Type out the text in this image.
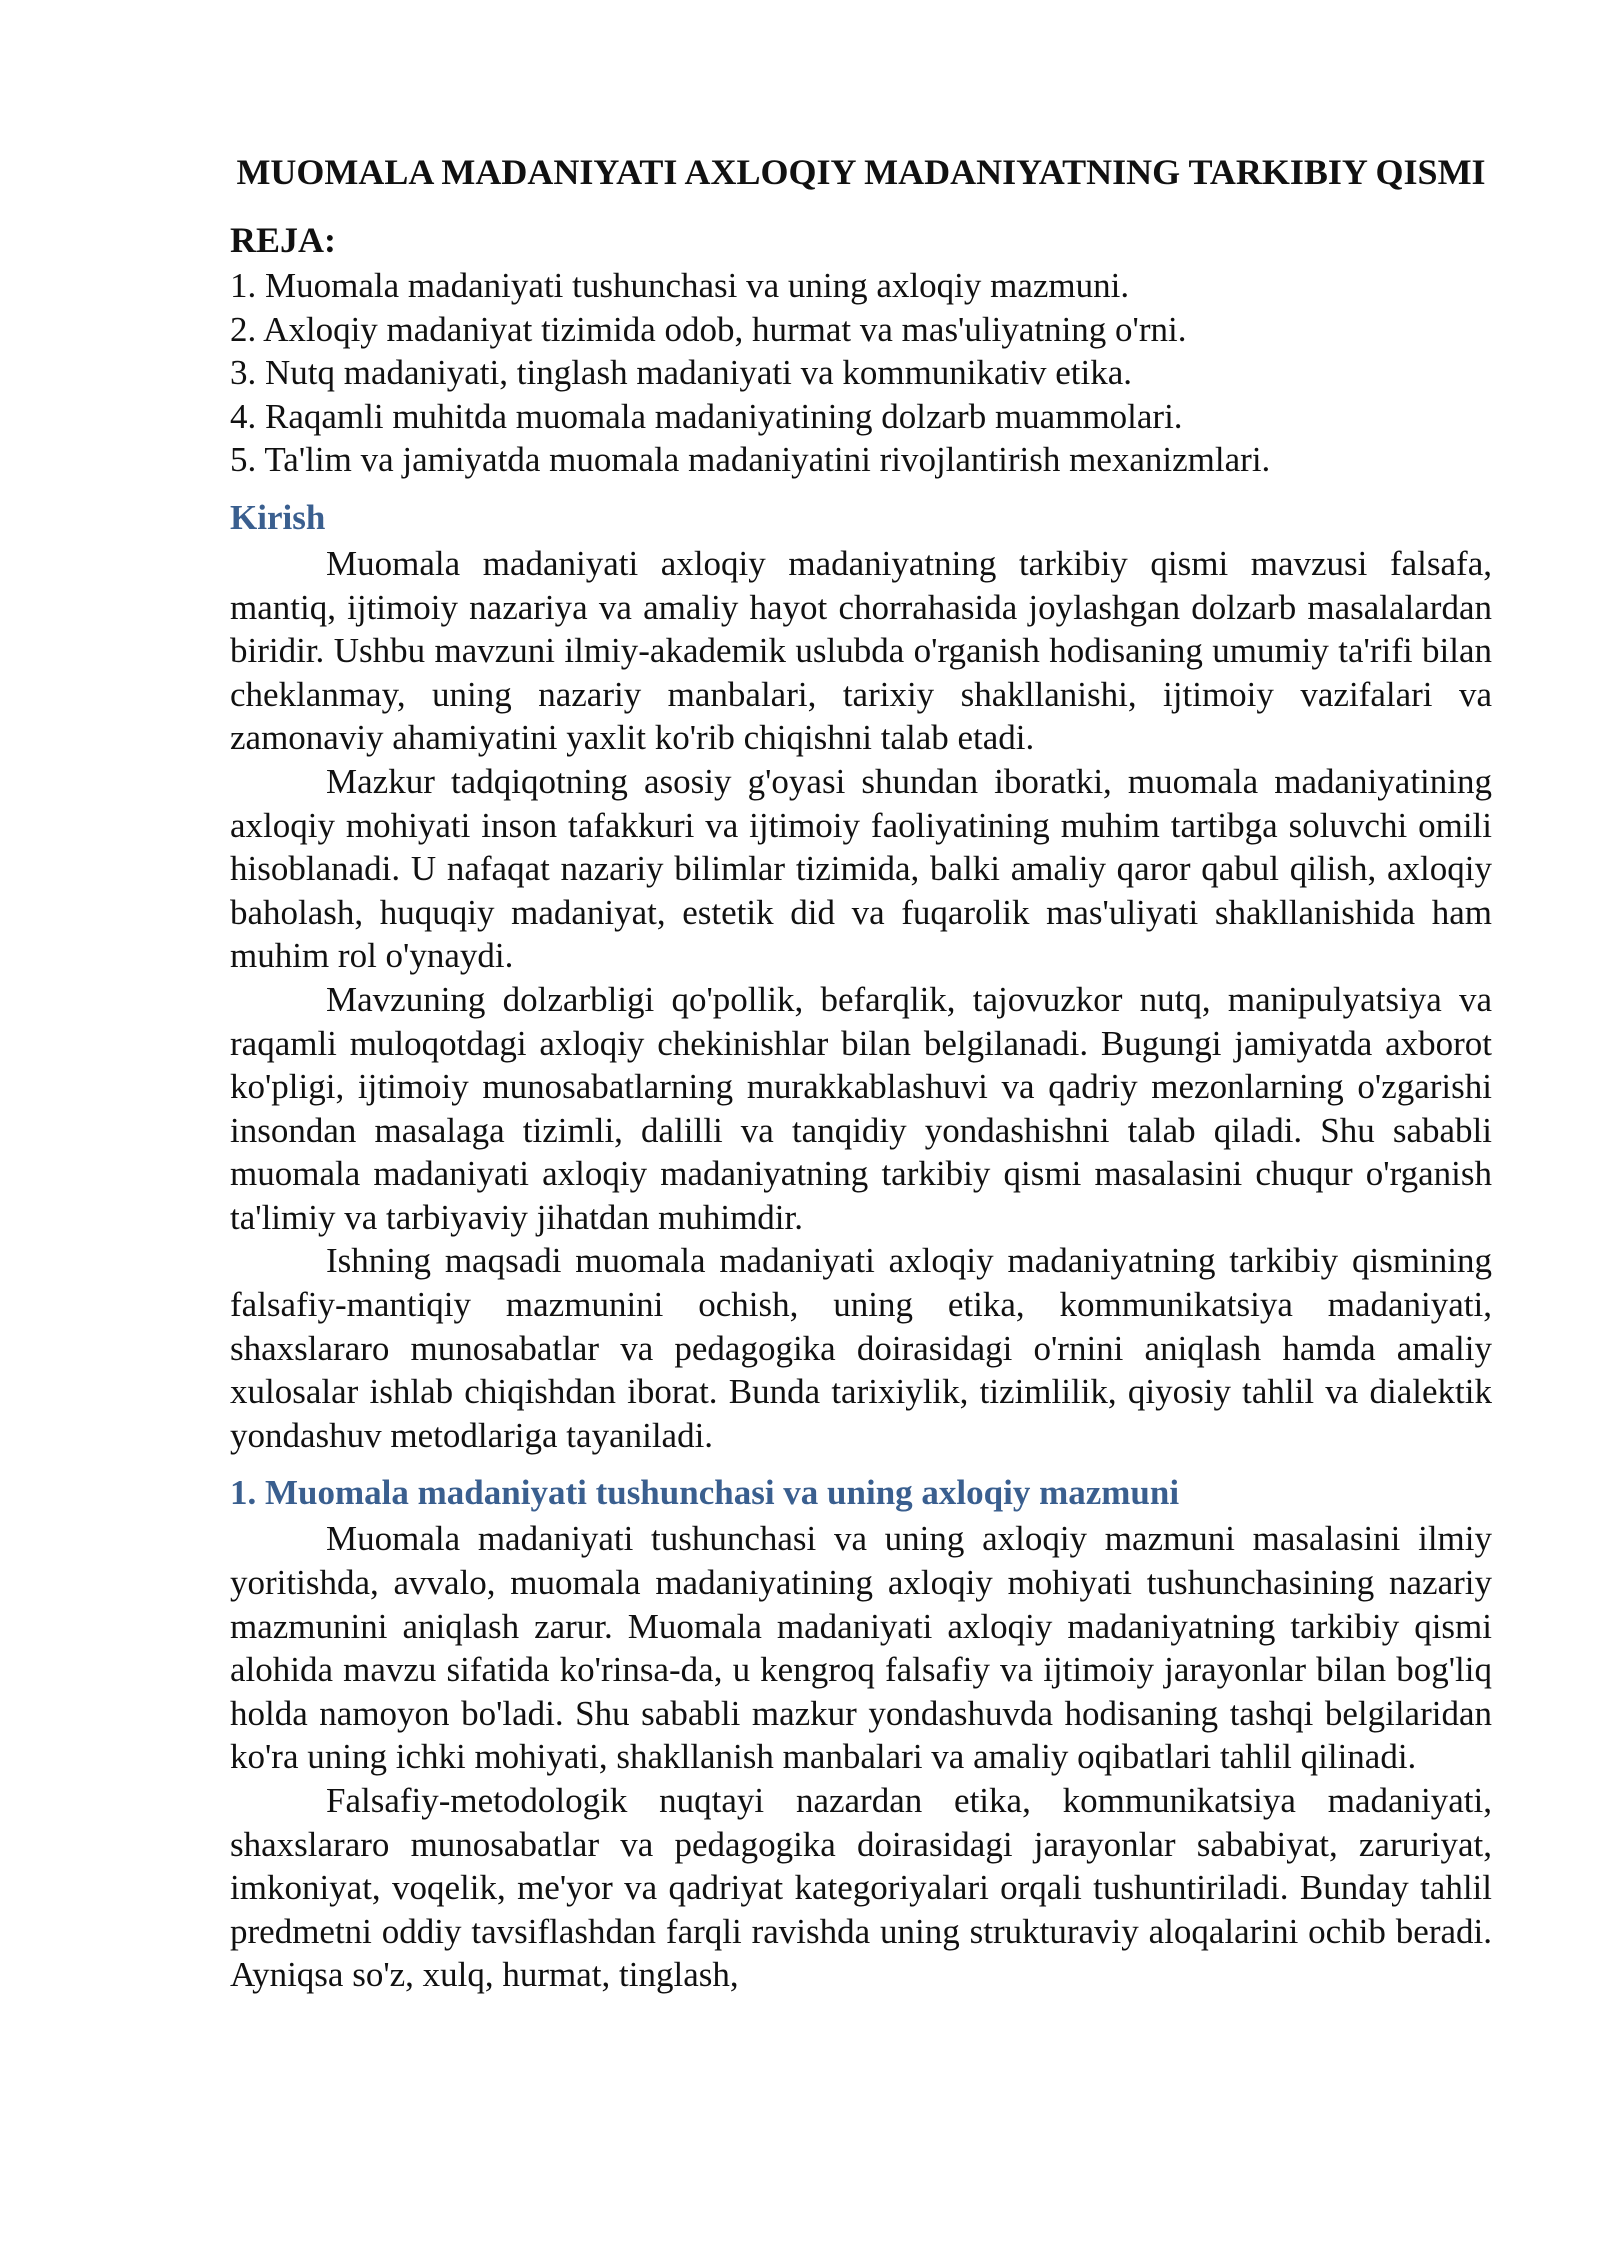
MUOMALA MADANIYATI AXLOQIY MADANIYATNING TARKIBIY QISMI
REJA:
1. Muomala madaniyati tushunchasi va uning axloqiy mazmuni.
2. Axloqiy madaniyat tizimida odob, hurmat va mas'uliyatning o'rni.
3. Nutq madaniyati, tinglash madaniyati va kommunikativ etika.
4. Raqamli muhitda muomala madaniyatining dolzarb muammolari.
5. Ta'lim va jamiyatda muomala madaniyatini rivojlantirish mexanizmlari.
Kirish

Muomala madaniyati axloqiy madaniyatning tarkibiy qismi mavzusi falsafa, mantiq, ijtimoiy nazariya va amaliy hayot chorrahasida joylashgan dolzarb masalalardan biridir. Ushbu mavzuni ilmiy-akademik uslubda o'rganish hodisaning umumiy ta'rifi bilan cheklanmay, uning nazariy manbalari, tarixiy shakllanishi, ijtimoiy vazifalari va zamonaviy ahamiyatini yaxlit ko'rib chiqishni talab etadi.

Mazkur tadqiqotning asosiy g'oyasi shundan iboratki, muomala madaniyatining axloqiy mohiyati inson tafakkuri va ijtimoiy faoliyatining muhim tartibga soluvchi omili hisoblanadi. U nafaqat nazariy bilimlar tizimida, balki amaliy qaror qabul qilish, axloqiy baholash, huquqiy madaniyat, estetik did va fuqarolik mas'uliyati shakllanishida ham muhim rol o'ynaydi.

Mavzuning dolzarbligi qo'pollik, befarqlik, tajovuzkor nutq, manipulyatsiya va raqamli muloqotdagi axloqiy chekinishlar bilan belgilanadi. Bugungi jamiyatda axborot ko'pligi, ijtimoiy munosabatlarning murakkablashuvi va qadriy mezonlarning o'zgarishi insondan masalaga tizimli, dalilli va tanqidiy yondashishni talab qiladi. Shu sababli muomala madaniyati axloqiy madaniyatning tarkibiy qismi masalasini chuqur o'rganish ta'limiy va tarbiyaviy jihatdan muhimdir.

Ishning maqsadi muomala madaniyati axloqiy madaniyatning tarkibiy qismining falsafiy-mantiqiy mazmunini ochish, uning etika, kommunikatsiya madaniyati, shaxslararo munosabatlar va pedagogika doirasidagi o'rnini aniqlash hamda amaliy xulosalar ishlab chiqishdan iborat. Bunda tarixiylik, tizimlilik, qiyosiy tahlil va dialektik yondashuv metodlariga tayaniladi.

1. Muomala madaniyati tushunchasi va uning axloqiy mazmuni

Muomala madaniyati tushunchasi va uning axloqiy mazmuni masalasini ilmiy yoritishda, avvalo, muomala madaniyatining axloqiy mohiyati tushunchasining nazariy mazmunini aniqlash zarur. Muomala madaniyati axloqiy madaniyatning tarkibiy qismi alohida mavzu sifatida ko'rinsa-da, u kengroq falsafiy va ijtimoiy jarayonlar bilan bog'liq holda namoyon bo'ladi. Shu sababli mazkur yondashuvda hodisaning tashqi belgilaridan ko'ra uning ichki mohiyati, shakllanish manbalari va amaliy oqibatlari tahlil qilinadi.

Falsafiy-metodologik nuqtayi nazardan etika, kommunikatsiya madaniyati, shaxslararo munosabatlar va pedagogika doirasidagi jarayonlar sababiyat, zaruriyat, imkoniyat, voqelik, me'yor va qadriyat kategoriyalari orqali tushuntiriladi. Bunday tahlil predmetni oddiy tavsiflashdan farqli ravishda uning strukturaviy aloqalarini ochib beradi. Ayniqsa so'z, xulq, hurmat, tinglash,
